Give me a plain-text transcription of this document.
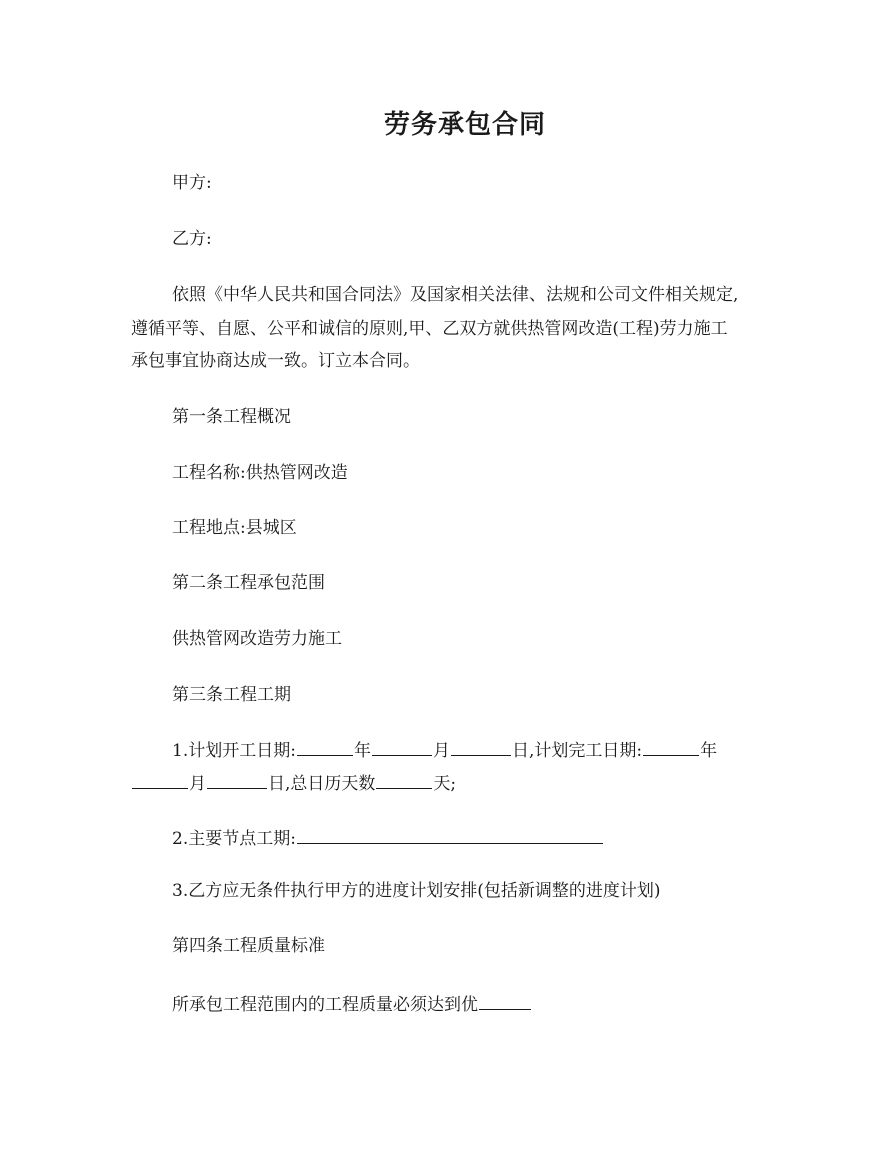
劳务承包合同
甲方:
乙方:
依照《中华人民共和国合同法》及国家相关法律、法规和公司文件相关规定,
遵循平等、自愿、公平和诚信的原则,甲、乙双方就供热管网改造(工程)劳力施工
承包事宜协商达成一致。订立本合同。
第一条工程概况
工程名称:供热管网改造
工程地点:县城区
第二条工程承包范围
供热管网改造劳力施工
第三条工程工期
1.计划开工日期:	年	月	日,计划完工日期:	年
月	日,总日历天数	天;
2.主要节点工期:
3.乙方应无条件执行甲方的进度计划安排(包括新调整的进度计划)
第四条工程质量标准
所承包工程范围内的工程质量必须达到优
